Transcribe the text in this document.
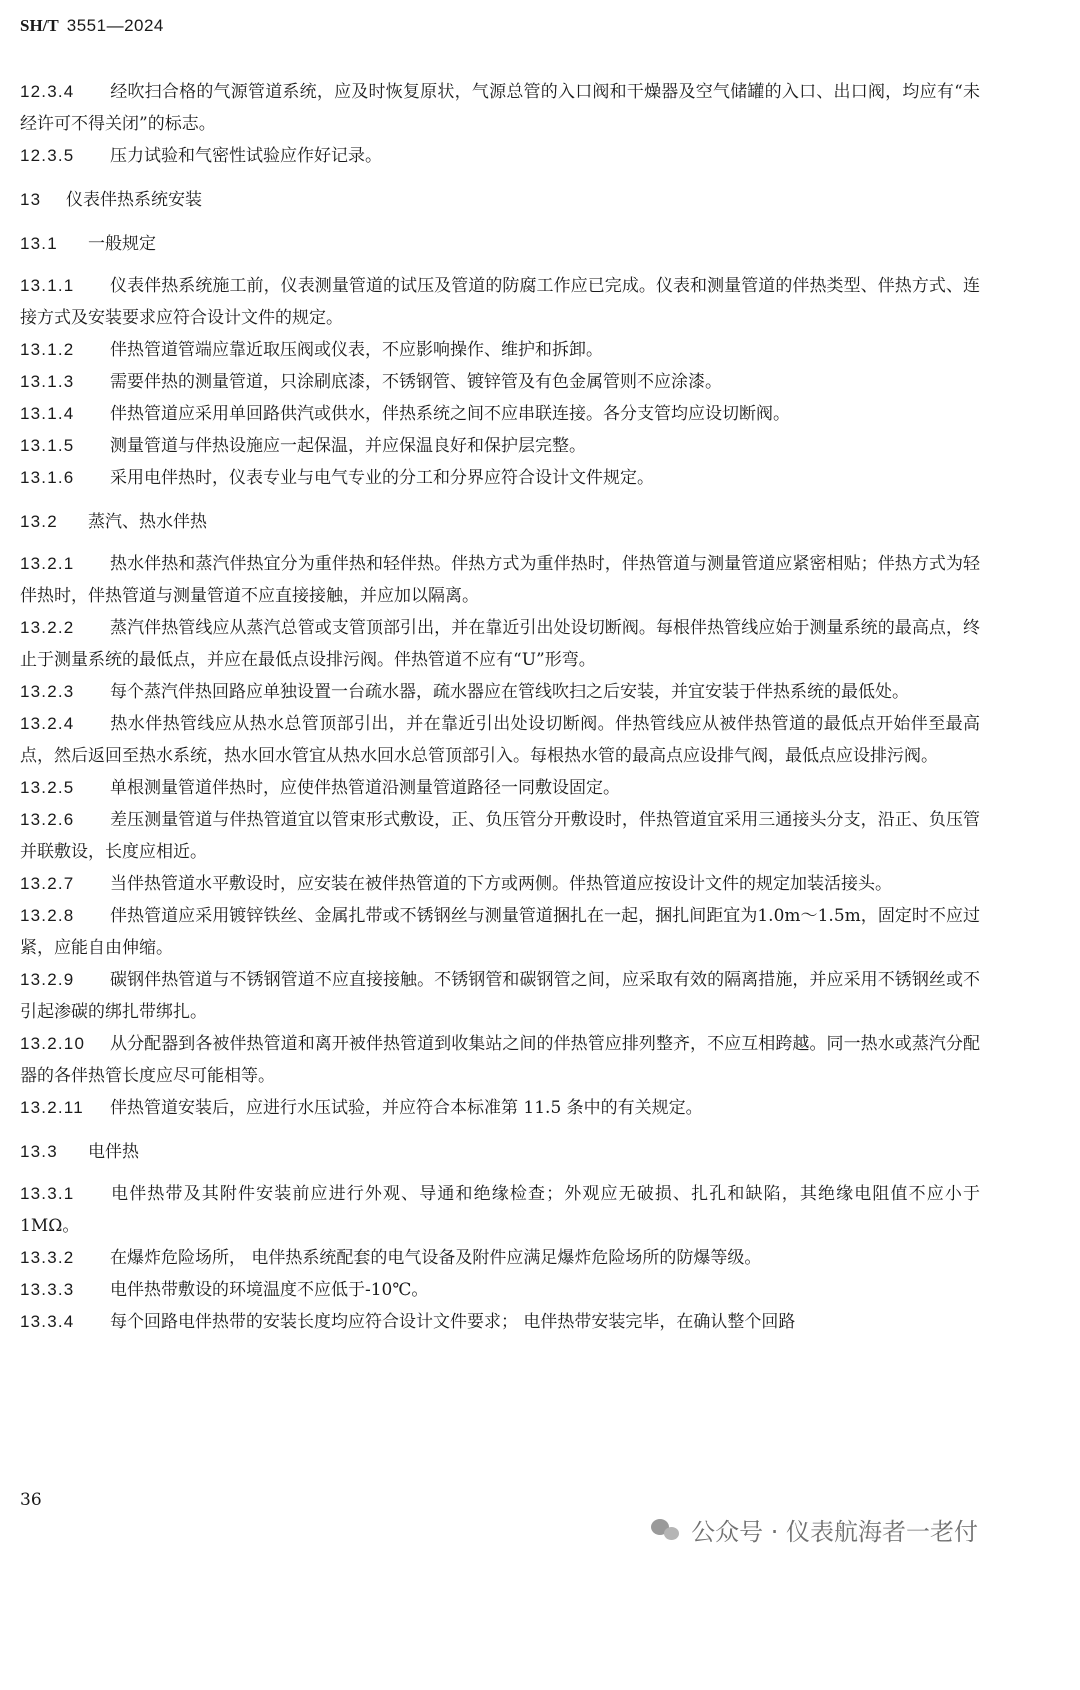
SH/T 3551—2024

12.3.4 经吹扫合格的气源管道系统，应及时恢复原状，气源总管的入口阀和干燥器及空气储罐的入口、出口阀，均应有“未经许可不得关闭”的标志。

12.3.5 压力试验和气密性试验应作好记录。

13 仪表伴热系统安装

13.1 一般规定

13.1.1 仪表伴热系统施工前，仪表测量管道的试压及管道的防腐工作应已完成。仪表和测量管道的伴热类型、伴热方式、连接方式及安装要求应符合设计文件的规定。

13.1.2 伴热管道管端应靠近取压阀或仪表，不应影响操作、维护和拆卸。

13.1.3 需要伴热的测量管道，只涂刷底漆，不锈钢管、镀锌管及有色金属管则不应涂漆。

13.1.4 伴热管道应采用单回路供汽或供水，伴热系统之间不应串联连接。各分支管均应设切断阀。

13.1.5 测量管道与伴热设施应一起保温，并应保温良好和保护层完整。

13.1.6 采用电伴热时，仪表专业与电气专业的分工和分界应符合设计文件规定。

13.2 蒸汽、热水伴热

13.2.1 热水伴热和蒸汽伴热宜分为重伴热和轻伴热。伴热方式为重伴热时，伴热管道与测量管道应紧密相贴；伴热方式为轻伴热时，伴热管道与测量管道不应直接接触，并应加以隔离。

13.2.2 蒸汽伴热管线应从蒸汽总管或支管顶部引出，并在靠近引出处设切断阀。每根伴热管线应始于测量系统的最高点，终止于测量系统的最低点，并应在最低点设排污阀。伴热管道不应有“U”形弯。

13.2.3 每个蒸汽伴热回路应单独设置一台疏水器，疏水器应在管线吹扫之后安装，并宜安装于伴热系统的最低处。

13.2.4 热水伴热管线应从热水总管顶部引出，并在靠近引出处设切断阀。伴热管线应从被伴热管道的最低点开始伴至最高点，然后返回至热水系统，热水回水管宜从热水回水总管顶部引入。每根热水管的最高点应设排气阀，最低点应设排污阀。

13.2.5 单根测量管道伴热时，应使伴热管道沿测量管道路径一同敷设固定。

13.2.6 差压测量管道与伴热管道宜以管束形式敷设，正、负压管分开敷设时，伴热管道宜采用三通接头分支，沿正、负压管并联敷设，长度应相近。

13.2.7 当伴热管道水平敷设时，应安装在被伴热管道的下方或两侧。伴热管道应按设计文件的规定加装活接头。

13.2.8 伴热管道应采用镀锌铁丝、金属扎带或不锈钢丝与测量管道捆扎在一起，捆扎间距宜为1.0m～1.5m，固定时不应过紧，应能自由伸缩。

13.2.9 碳钢伴热管道与不锈钢管道不应直接接触。不锈钢管和碳钢管之间，应采取有效的隔离措施，并应采用不锈钢丝或不引起渗碳的绑扎带绑扎。

13.2.10 从分配器到各被伴热管道和离开被伴热管道到收集站之间的伴热管应排列整齐，不应互相跨越。同一热水或蒸汽分配器的各伴热管长度应尽可能相等。

13.2.11 伴热管道安装后，应进行水压试验，并应符合本标准第 11.5 条中的有关规定。

13.3 电伴热

13.3.1 电伴热带及其附件安装前应进行外观、导通和绝缘检查；外观应无破损、扎孔和缺陷，其绝缘电阻值不应小于 1MΩ。

13.3.2 在爆炸危险场所， 电伴热系统配套的电气设备及附件应满足爆炸危险场所的防爆等级。

13.3.3 电伴热带敷设的环境温度不应低于-10℃。

13.3.4 每个回路电伴热带的安装长度均应符合设计文件要求； 电伴热带安装完毕，在确认整个回路

36
公众号 · 仪表航海者一老付
